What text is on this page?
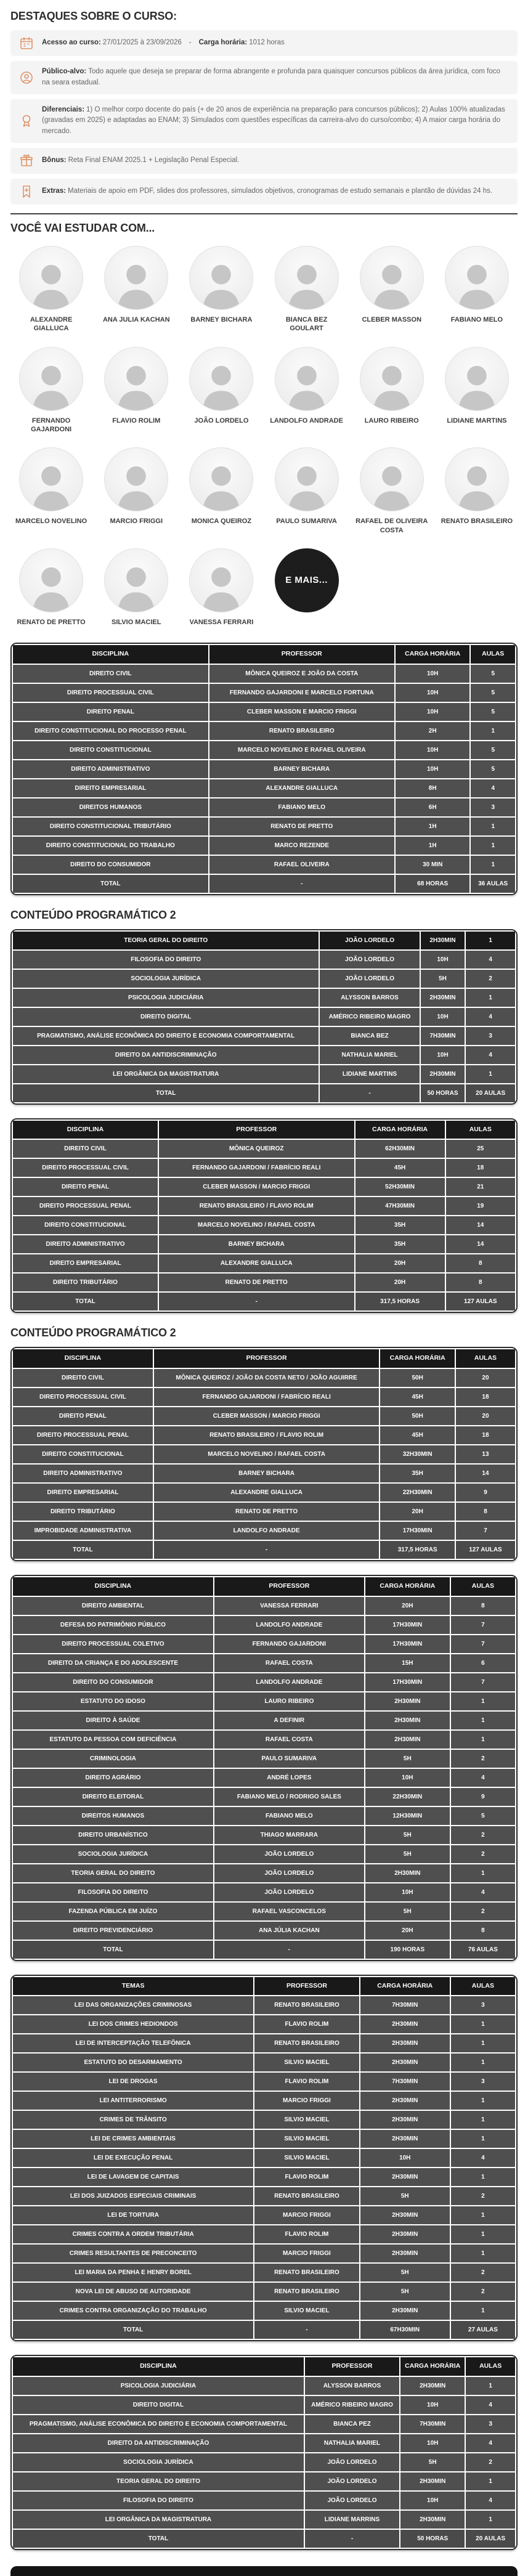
DESTAQUES SOBRE O CURSO:

Acesso ao curso: 27/01/2025 à 23/09/2026 - Carga horária: 1012 horas

Público-alvo: Todo aquele que deseja se preparar de forma abrangente e profunda para quaisquer concursos públicos da área jurídica, com foco na seara estadual.

Diferenciais: 1) O melhor corpo docente do país (+ de 20 anos de experiência na preparação para concursos públicos); 2) Aulas 100% atualizadas (gravadas em 2025) e adaptadas ao ENAM; 3) Simulados com questões específicas da carreira-alvo do curso/combo; 4) A maior carga horária do mercado.

Bônus: Reta Final ENAM 2025.1 + Legislação Penal Especial.

Extras: Materiais de apoio em PDF, slides dos professores, simulados objetivos, cronogramas de estudo semanais e plantão de dúvidas 24 hs.

VOCÊ VAI ESTUDAR COM...
ALEXANDRE GIALLUCA
ANA JULIA KACHAN	BARNEY BICHARA	BIANCA BEZ GOULART
CLEBER MASSON	FABIANO MELO
FERNANDO GAJARDONI
FLAVIO ROLIM	JOÃO LORDELO	LANDOLFO ANDRADE	LAURO RIBEIRO	LIDIANE MARTINS
MARCELO NOVELINO	MARCIO FRIGGI	MONICA QUEIROZ	PAULO SUMARIVA	RAFAEL DE OLIVEIRA COSTA
RENATO BRASILEIRO
RENATO DE PRETTO	SILVIO MACIEL	VANESSA FERRARI
E MAIS...
DISCIPLINA	PROFESSOR	CARGA HORÁRIA	AULAS
DIREITO CIVIL	MÔNICA QUEIROZ E JOÃO DA COSTA	10H	5
DIREITO PROCESSUAL CIVIL	FERNANDO GAJARDONI E MARCELO FORTUNA	10H	5
DIREITO PENAL	CLEBER MASSON E MARCIO FRIGGI	10H	5
DIREITO CONSTITUCIONAL DO PROCESSO PENAL	RENATO BRASILEIRO	2H	1
DIREITO CONSTITUCIONAL	MARCELO NOVELINO E RAFAEL OLIVEIRA	10H	5
DIREITO ADMINISTRATIVO	BARNEY BICHARA	10H	5
DIREITO EMPRESARIAL	ALEXANDRE GIALLUCA	8H	4
DIREITOS HUMANOS	FABIANO MELO	6H	3
DIREITO CONSTITUCIONAL TRIBUTÁRIO	RENATO DE PRETTO	1H	1
DIREITO CONSTITUCIONAL DO TRABALHO	MARCO REZENDE	1H	1
DIREITO DO CONSUMIDOR	RAFAEL OLIVEIRA	30 MIN	1
TOTAL	-	68 HORAS	36 AULAS
CONTEÚDO PROGRAMÁTICO 2
TEORIA GERAL DO DIREITO	JOÃO LORDELO	2H30MIN	1
FILOSOFIA DO DIREITO	JOÃO LORDELO	10H	4
SOCIOLOGIA JURÍDICA	JOÃO LORDELO	5H	2
PSICOLOGIA JUDICIÁRIA	ALYSSON BARROS	2H30MIN	1
DIREITO DIGITAL	AMÉRICO RIBEIRO MAGRO	10H	4
PRAGMATISMO, ANÁLISE ECONÔMICA DO DIREITO E ECONOMIA COMPORTAMENTAL	BIANCA BEZ	7H30MIN	3
DIREITO DA ANTIDISCRIMINAÇÃO	NATHALIA MARIEL	10H	4
LEI ORGÂNICA DA MAGISTRATURA	LIDIANE MARTINS	2H30MIN	1
TOTAL	-	50 HORAS	20 AULAS
DISCIPLINA	PROFESSOR	CARGA HORÁRIA	AULAS
DIREITO CIVIL	MÔNICA QUEIROZ	62H30MIN	25
DIREITO PROCESSUAL CIVIL	FERNANDO GAJARDONI / FABRÍCIO REALI	45H	18
DIREITO PENAL	CLEBER MASSON / MARCIO FRIGGI	52H30MIN	21
DIREITO PROCESSUAL PENAL	RENATO BRASILEIRO / FLAVIO ROLIM	47H30MIN	19
DIREITO CONSTITUCIONAL	MARCELO NOVELINO / RAFAEL COSTA	35H	14
DIREITO ADMINISTRATIVO	BARNEY BICHARA	35H	14
DIREITO EMPRESARIAL	ALEXANDRE GIALLUCA	20H	8
DIREITO TRIBUTÁRIO	RENATO DE PRETTO	20H	8
TOTAL	-	317,5 HORAS	127 AULAS
CONTEÚDO PROGRAMÁTICO 2
DISCIPLINA	PROFESSOR	CARGA HORÁRIA	AULAS
DIREITO CIVIL	MÔNICA QUEIROZ / JOÃO DA COSTA NETO / JOÃO AGUIRRE	50H	20
DIREITO PROCESSUAL CIVIL	FERNANDO GAJARDONI / FABRÍCIO REALI	45H	18
DIREITO PENAL	CLEBER MASSON / MARCIO FRIGGI	50H	20
DIREITO PROCESSUAL PENAL	RENATO BRASILEIRO / FLAVIO ROLIM	45H	18
DIREITO CONSTITUCIONAL	MARCELO NOVELINO / RAFAEL COSTA	32H30MIN	13
DIREITO ADMINISTRATIVO	BARNEY BICHARA	35H	14
DIREITO EMPRESARIAL	ALEXANDRE GIALLUCA	22H30MIN	9
DIREITO TRIBUTÁRIO	RENATO DE PRETTO	20H	8
IMPROBIDADE ADMINISTRATIVA	LANDOLFO ANDRADE	17H30MIN	7
TOTAL	-	317,5 HORAS	127 AULAS
DISCIPLINA	PROFESSOR	CARGA HORÁRIA	AULAS
DIREITO AMBIENTAL	VANESSA FERRARI	20H	8
DEFESA DO PATRIMÔNIO PÚBLICO	LANDOLFO ANDRADE	17H30MIN	7
DIREITO PROCESSUAL COLETIVO	FERNANDO GAJARDONI	17H30MIN	7
DIREITO DA CRIANÇA E DO ADOLESCENTE	RAFAEL COSTA	15H	6
DIREITO DO CONSUMIDOR	LANDOLFO ANDRADE	17H30MIN	7
ESTATUTO DO IDOSO	LAURO RIBEIRO	2H30MIN	1
DIREITO À SAÚDE	A DEFINIR	2H30MIN	1
ESTATUTO DA PESSOA COM DEFICIÊNCIA	RAFAEL COSTA	2H30MIN	1
CRIMINOLOGIA	PAULO SUMARIVA	5H	2
DIREITO AGRÁRIO	ANDRÉ LOPES	10H	4
DIREITO ELEITORAL	FABIANO MELO / RODRIGO SALES	22H30MIN	9
DIREITOS HUMANOS	FABIANO MELO	12H30MIN	5
DIREITO URBANÍSTICO	THIAGO MARRARA	5H	2
SOCIOLOGIA JURÍDICA	JOÃO LORDELO	5H	2
TEORIA GERAL DO DIREITO	JOÃO LORDELO	2H30MIN	1
FILOSOFIA DO DIREITO	JOÃO LORDELO	10H	4
FAZENDA PÚBLICA EM JUÍZO	RAFAEL VASCONCELOS	5H	2
DIREITO PREVIDENCIÁRIO	ANA JÚLIA KACHAN	20H	8
TOTAL	-	190 HORAS	76 AULAS
TEMAS	PROFESSOR	CARGA HORÁRIA	AULAS
LEI DAS ORGANIZAÇÕES CRIMINOSAS	RENATO BRASILEIRO	7H30MIN	3
LEI DOS CRIMES HEDIONDOS	FLAVIO ROLIM	2H30MIN	1
LEI DE INTERCEPTAÇÃO TELEFÔNICA	RENATO BRASILEIRO	2H30MIN	1
ESTATUTO DO DESARMAMENTO	SILVIO MACIEL	2H30MIN	1
LEI DE DROGAS	FLAVIO ROLIM	7H30MIN	3
LEI ANTITERRORISMO	MARCIO FRIGGI	2H30MIN	1
CRIMES DE TRÂNSITO	SILVIO MACIEL	2H30MIN	1
LEI DE CRIMES AMBIENTAIS	SILVIO MACIEL	2H30MIN	1
LEI DE EXECUÇÃO PENAL	SILVIO MACIEL	10H	4
LEI DE LAVAGEM DE CAPITAIS	FLAVIO ROLIM	2H30MIN	1
LEI DOS JUIZADOS ESPECIAIS CRIMINAIS	RENATO BRASILEIRO	5H	2
LEI DE TORTURA	MARCIO FRIGGI	2H30MIN	1
CRIMES CONTRA A ORDEM TRIBUTÁRIA	FLAVIO ROLIM	2H30MIN	1
CRIMES RESULTANTES DE PRECONCEITO	MARCIO FRIGGI	2H30MIN	1
LEI MARIA DA PENHA E HENRY BOREL	RENATO BRASILEIRO	5H	2
NOVA LEI DE ABUSO DE AUTORIDADE	RENATO BRASILEIRO	5H	2
CRIMES CONTRA ORGANIZAÇÃO DO TRABALHO	SILVIO MACIEL	2H30MIN	1
TOTAL	-	67H30MIN	27 AULAS
DISCIPLINA	PROFESSOR	CARGA HORÁRIA	AULAS
PSICOLOGIA JUDICIÁRIA	ALYSSON BARROS	2H30MIN	1
DIREITO DIGITAL	AMÉRICO RIBEIRO MAGRO	10H	4
PRAGMATISMO, ANÁLISE ECONÔMICA DO DIREITO E ECONOMIA COMPORTAMENTAL	BIANCA PEZ	7H30MIN	3
DIREITO DA ANTIDISCRIMINAÇÃO	NATHALIA MARIEL	10H	4
SOCIOLOGIA JURÍDICA	JOÃO LORDELO	5H	2
TEORIA GERAL DO DIREITO	JOÃO LORDELO	2H30MIN	1
FILOSOFIA DO DIREITO	JOÃO LORDELO	10H	4
LEI ORGÂNICA DA MAGISTRATURA	LIDIANE MARRINS	2H30MIN	1
TOTAL	-	50 HORAS	20 AULAS
